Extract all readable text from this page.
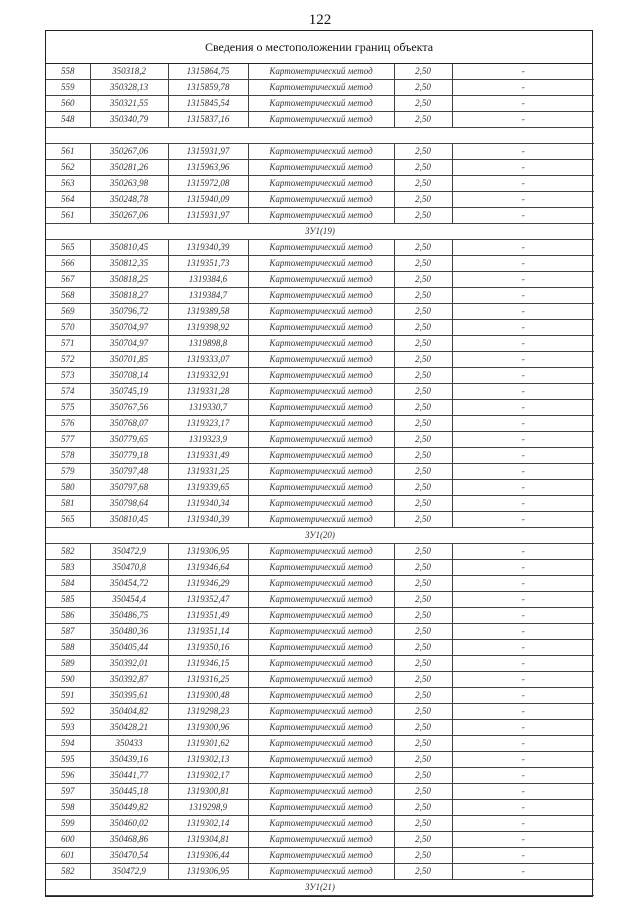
122
Сведения о местоположении границ объекта
558	350318,2	1315864,75	Картометрический метод	2,50	-
559	350328,13	1315859,78	Картометрический метод	2,50	-
560	350321,55	1315845,54	Картометрический метод	2,50	-
548	350340,79	1315837,16	Картометрический метод	2,50	-

561	350267,06	1315931,97	Картометрический метод	2,50	-
562	350281,26	1315963,96	Картометрический метод	2,50	-
563	350263,98	1315972,08	Картометрический метод	2,50	-
564	350248,78	1315940,09	Картометрический метод	2,50	-
561	350267,06	1315931,97	Картометрический метод	2,50	-
ЗУ1(19)					
565	350810,45	1319340,39	Картометрический метод	2,50	-
566	350812,35	1319351,73	Картометрический метод	2,50	-
567	350818,25	1319384,6	Картометрический метод	2,50	-
568	350818,27	1319384,7	Картометрический метод	2,50	-
569	350796,72	1319389,58	Картометрический метод	2,50	-
570	350704,97	1319398,92	Картометрический метод	2,50	-
571	350704,97	1319898,8	Картометрический метод	2,50	-
572	350701,85	1319333,07	Картометрический метод	2,50	-
573	350708,14	1319332,91	Картометрический метод	2,50	-
574	350745,19	1319331,28	Картометрический метод	2,50	-
575	350767,56	1319330,7	Картометрический метод	2,50	-
576	350768,07	1319323,17	Картометрический метод	2,50	-
577	350779,65	1319323,9	Картометрический метод	2,50	-
578	350779,18	1319331,49	Картометрический метод	2,50	-
579	350797,48	1319331,25	Картометрический метод	2,50	-
580	350797,68	1319339,65	Картометрический метод	2,50	-
581	350798,64	1319340,34	Картометрический метод	2,50	-
565	350810,45	1319340,39	Картометрический метод	2,50	-
ЗУ1(20)					
582	350472,9	1319306,95	Картометрический метод	2,50	-
583	350470,8	1319346,64	Картометрический метод	2,50	-
584	350454,72	1319346,29	Картометрический метод	2,50	-
585	350454,4	1319352,47	Картометрический метод	2,50	-
586	350486,75	1319351,49	Картометрический метод	2,50	-
587	350480,36	1319351,14	Картометрический метод	2,50	-
588	350405,44	1319350,16	Картометрический метод	2,50	-
589	350392,01	1319346,15	Картометрический метод	2,50	-
590	350392,87	1319316,25	Картометрический метод	2,50	-
591	350395,61	1319300,48	Картометрический метод	2,50	-
592	350404,82	1319298,23	Картометрический метод	2,50	-
593	350428,21	1319300,96	Картометрический метод	2,50	-
594	350433	1319301,62	Картометрический метод	2,50	-
595	350439,16	1319302,13	Картометрический метод	2,50	-
596	350441,77	1319302,17	Картометрический метод	2,50	-
597	350445,18	1319300,81	Картометрический метод	2,50	-
598	350449,82	1319298,9	Картометрический метод	2,50	-
599	350460,02	1319302,14	Картометрический метод	2,50	-
600	350468,86	1319304,81	Картометрический метод	2,50	-
601	350470,54	1319306,44	Картометрический метод	2,50	-
582	350472,9	1319306,95	Картометрический метод	2,50	-
ЗУ1(21)					
